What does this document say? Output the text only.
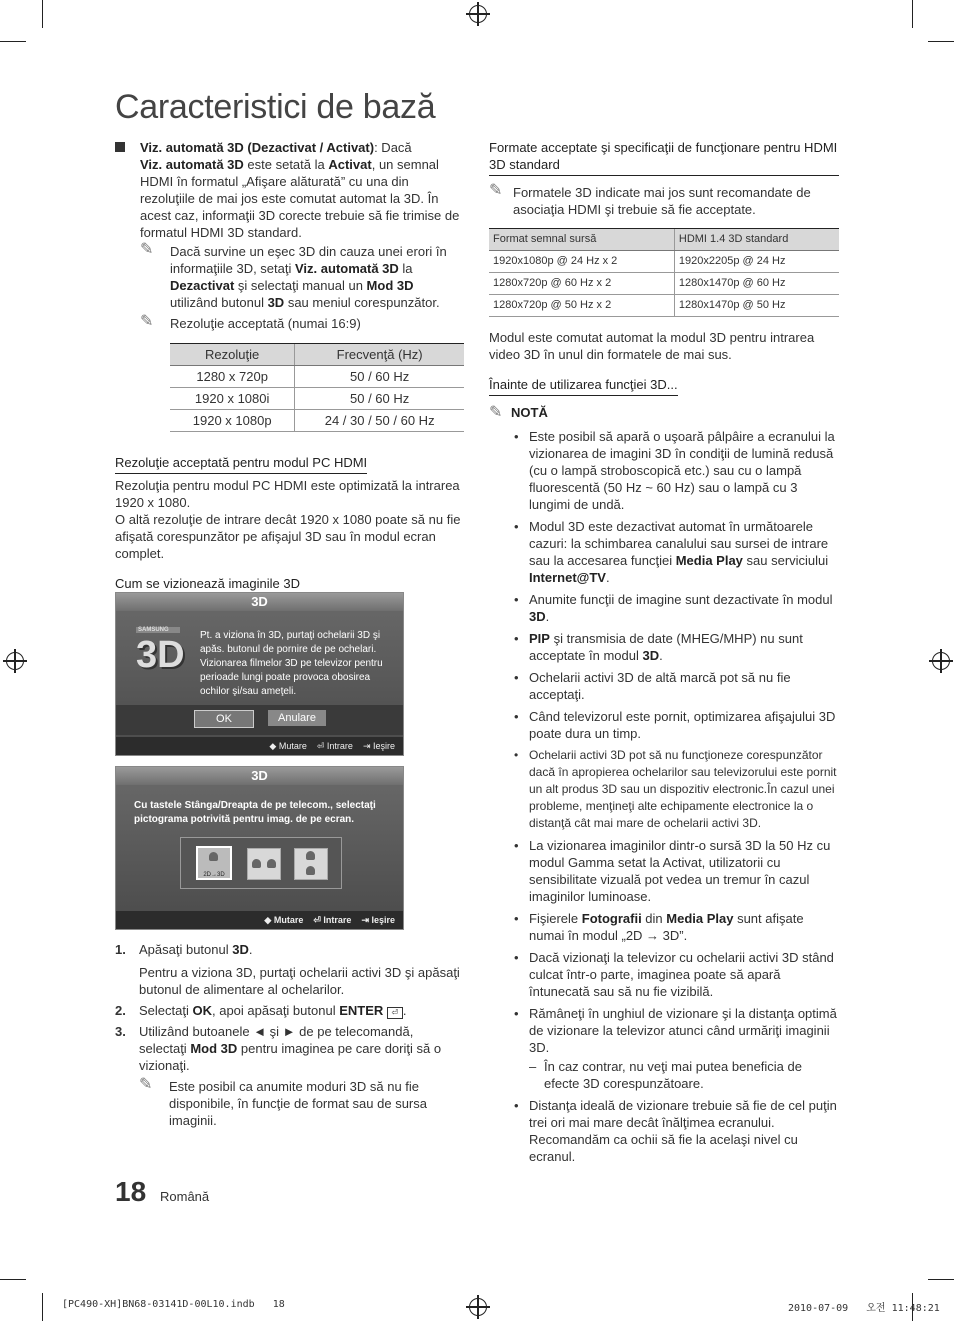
Caracteristici de bază

Viz. automată 3D (Dezactivat / Activat): Dacă
Viz. automată 3D este setată la Activat, un semnal HDMI în formatul „Afişare alăturată” cu una din rezoluţiile de mai jos este comutat automat la 3D. În acest caz, informaţii 3D corecte trebuie să fie trimise de formatul HDMI 3D standard.

✎	Dacă survine un eşec 3D din cauza unei erori în informaţiile 3D, setaţi Viz. automată 3D la Dezactivat şi selectaţi manual un Mod 3D utilizând butonul 3D sau meniul corespunzător.

✎	Rezoluţie acceptată (numai 16:9)

Rezoluţie	Frecvenţă (Hz)
1280 x 720p	50 / 60 Hz
1920 x 1080i	50 / 60 Hz
1920 x 1080p	24 / 30 / 50 / 60 Hz

Rezoluţie acceptată pentru modul PC HDMI

Rezoluţia pentru modul PC HDMI este optimizată la intrarea 1920 x 1080.

O altă rezoluţie de intrare decât 1920 x 1080 poate să nu fie afişată corespunzător pe afişajul 3D sau în modul ecran complet.

Cum se vizionează imaginile 3D

3D
SAMSUNG
3D	Pt. a viziona în 3D, purtaţi ochelarii 3D şi apăs. butonul de pornire de pe ochelari. Vizionarea filmelor 3D pe televizor pentru perioade lungi poate provoca obosirea ochilor şi/sau ameţeli.
OK	Anulare
◆ Mutare ⏎ Intrare ⇥ Ieşire
3D
Cu tastele Stânga/Dreapta de pe telecom., selectaţi pictograma potrivită pentru imag. de pe ecran.
2D→3D
◆ Mutare ⏎ Intrare ⇥ Ieşire
1. Apăsaţi butonul 3D.

Pentru a viziona 3D, purtaţi ochelarii activi 3D şi apăsaţi butonul de alimentare al ochelarilor.

2. Selectaţi OK, apoi apăsaţi butonul ENTER ⏎ .
3. Utilizând butoanele ◄ şi ► de pe telecomandă, selectaţi Mod 3D pentru imaginea pe care doriţi să o vizionaţi.

✎	Este posibil ca anumite moduri 3D să nu fie disponibile, în funcţie de format sau de sursa imaginii.

Formate acceptate şi specificaţii de funcţionare pentru HDMI 3D standard

✎ Formatele 3D indicate mai jos sunt recomandate de asociaţia HDMI şi trebuie să fie acceptate.

Format semnal sursă	HDMI 1.4 3D standard
1920x1080p @ 24 Hz x 2	1920x2205p @ 24 Hz
1280x720p @ 60 Hz x 2	1280x1470p @ 60 Hz
1280x720p @ 50 Hz x 2	1280x1470p @ 50 Hz

Modul este comutat automat la modul 3D pentru intrarea video 3D în unul din formatele de mai sus.

Înainte de utilizarea funcţiei 3D...

✎ NOTĂ

• Este posibil să apară o uşoară pâlpâire a ecranului la vizionarea de imagini 3D în condiţii de lumină redusă (cu o lampă stroboscopică etc.) sau cu o lampă fluorescentă (50 Hz ~ 60 Hz) sau o lampă cu 3 lungimi de undă.
• Modul 3D este dezactivat automat în următoarele cazuri: la schimbarea canalului sau sursei de intrare sau la accesarea funcţiei Media Play sau serviciului Internet@TV.
• Anumite funcţii de imagine sunt dezactivate în modul 3D.
• PIP şi transmisia de date (MHEG/MHP) nu sunt acceptate în modul 3D.
• Ochelarii activi 3D de altă marcă pot să nu fie acceptaţi.
• Când televizorul este pornit, optimizarea afişajului 3D poate dura un timp.
• Ochelarii activi 3D pot să nu funcţioneze corespunzător dacă în apropierea ochelarilor sau televizorului este pornit un alt produs 3D sau un dispozitiv electronic.În cazul unei probleme, menţineţi alte echipamente electronice la o distanţă cât mai mare de ochelarii activi 3D.
• La vizionarea imaginilor dintr-o sursă 3D la 50 Hz cu modul Gamma setat la Activat, utilizatorii cu sensibilitate vizuală pot vedea un tremur în cazul imaginilor luminoase.
• Fişierele Fotografii din Media Play sunt afişate numai în modul „2D → 3D”.
• Dacă vizionaţi la televizor cu ochelarii activi 3D stând culcat într-o parte, imaginea poate să apară întunecată sau să nu fie vizibilă.
• Rămâneţi în unghiul de vizionare şi la distanţa optimă de vizionare la televizor atunci când urmăriţi imaginii 3D.

– În caz contrar, nu veţi mai putea beneficia de efecte 3D corespunzătoare.

• Distanţa ideală de vizionare trebuie să fie de cel puţin trei ori mai mare decât înălţimea ecranului. Recomandăm ca ochii să fie la acelaşi nivel cu ecranul.
18 Română
[PC490-XH]BN68-03141D-00L10.indb   18	2010-07-09   오전 11:48:21
